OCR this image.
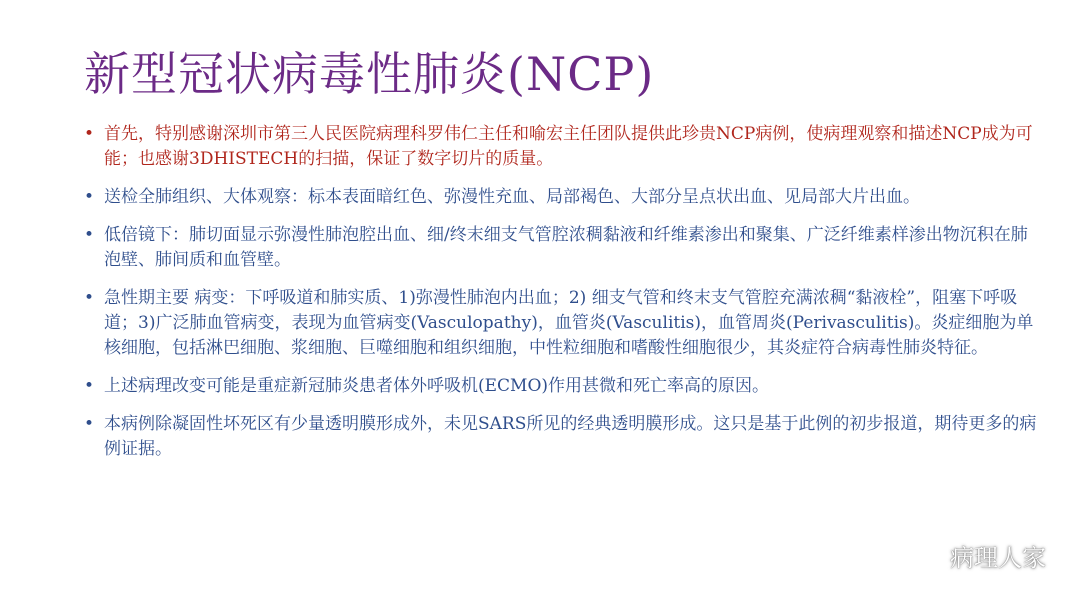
新型冠状病毒性肺炎(NCP)
• 首先，特别感谢深圳市第三人民医院病理科罗伟仁主任和喻宏主任团队提供此珍贵NCP病例，使病理观察和描述NCP成为可能；也感谢3DHISTECH的扫描，保证了数字切片的质量。
• 送检全肺组织、大体观察：标本表面暗红色、弥漫性充血、局部褐色、大部分呈点状出血、见局部大片出血。
• 低倍镜下：肺切面显示弥漫性肺泡腔出血、细/终末细支气管腔浓稠黏液和纤维素渗出和聚集、广泛纤维素样渗出物沉积在肺泡壁、肺间质和血管壁。
• 急性期主要 病变：下呼吸道和肺实质、1)弥漫性肺泡内出血；2) 细支气管和终末支气管腔充满浓稠“黏液栓”，阻塞下呼吸道；3)广泛肺血管病变，表现为血管病变(Vasculopathy)，血管炎(Vasculitis)，血管周炎(Perivasculitis)。炎症细胞为单核细胞，包括淋巴细胞、浆细胞、巨噬细胞和组织细胞，中性粒细胞和嗜酸性细胞很少，其炎症符合病毒性肺炎特征。
• 上述病理改变可能是重症新冠肺炎患者体外呼吸机(ECMO)作用甚微和死亡率高的原因。
• 本病例除凝固性坏死区有少量透明膜形成外，未见SARS所见的经典透明膜形成。这只是基于此例的初步报道，期待更多的病例证据。
病理人家
